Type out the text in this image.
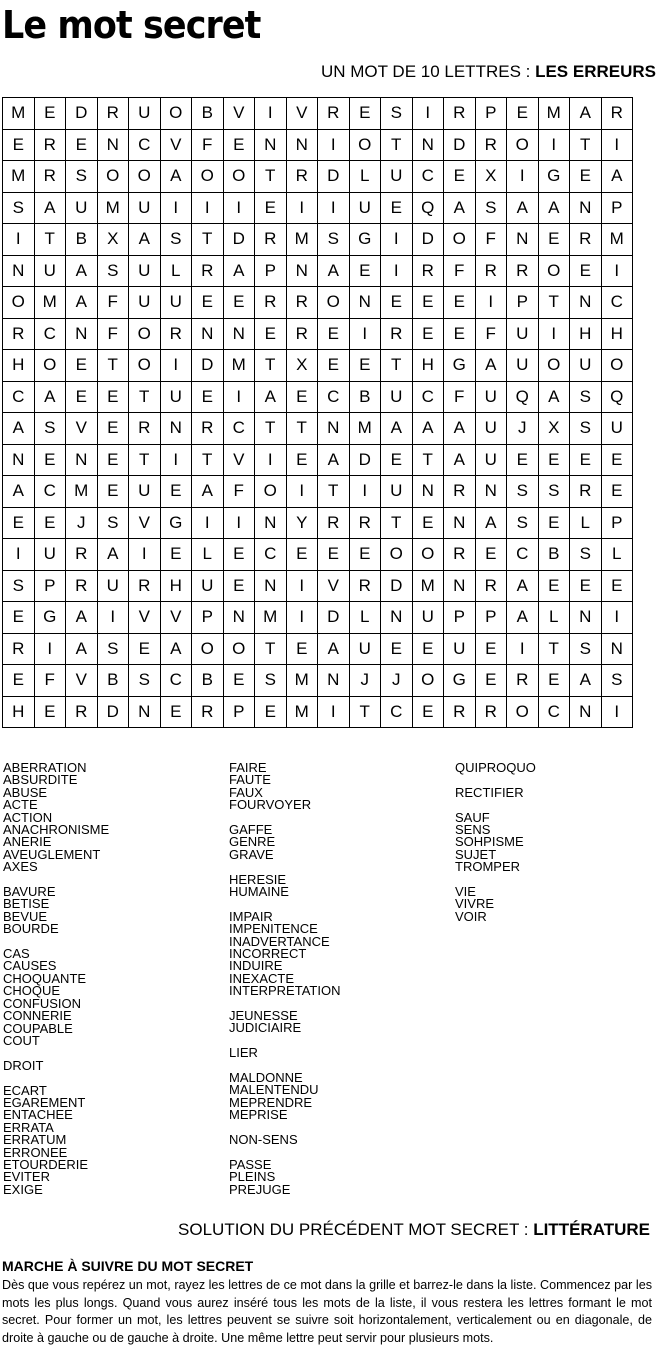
Le mot secret
UN MOT DE 10 LETTRES : LES ERREURS
M	E	D	R	U	O	B	V	I	V	R	E	S	I	R	P	E	M	A	R
E	R	E	N	C	V	F	E	N	N	I	O	T	N	D	R	O	I	T	I
M	R	S	O	O	A	O	O	T	R	D	L	U	C	E	X	I	G	E	A
S	A	U	M	U	I	I	I	E	I	I	U	E	Q	A	S	A	A	N	P
I	T	B	X	A	S	T	D	R	M	S	G	I	D	O	F	N	E	R	M
N	U	A	S	U	L	R	A	P	N	A	E	I	R	F	R	R	O	E	I
O	M	A	F	U	U	E	E	R	R	O	N	E	E	E	I	P	T	N	C
R	C	N	F	O	R	N	N	E	R	E	I	R	E	E	F	U	I	H	H
H	O	E	T	O	I	D	M	T	X	E	E	T	H	G	A	U	O	U	O
C	A	E	E	T	U	E	I	A	E	C	B	U	C	F	U	Q	A	S	Q
A	S	V	E	R	N	R	C	T	T	N	M	A	A	A	U	J	X	S	U
N	E	N	E	T	I	T	V	I	E	A	D	E	T	A	U	E	E	E	E
A	C	M	E	U	E	A	F	O	I	T	I	U	N	R	N	S	S	R	E
E	E	J	S	V	G	I	I	N	Y	R	R	T	E	N	A	S	E	L	P
I	U	R	A	I	E	L	E	C	E	E	E	O	O	R	E	C	B	S	L
S	P	R	U	R	H	U	E	N	I	V	R	D	M	N	R	A	E	E	E
E	G	A	I	V	V	P	N	M	I	D	L	N	U	P	P	A	L	N	I
R	I	A	S	E	A	O	O	T	E	A	U	E	E	U	E	I	T	S	N
E	F	V	B	S	C	B	E	S	M	N	J	J	O	G	E	R	E	A	S
H	E	R	D	N	E	R	P	E	M	I	T	C	E	R	R	O	C	N	I
ABERRATION
ABSURDITE
ABUSE
ACTE
ACTION
ANACHRONISME
ANERIE
AVEUGLEMENT
AXES
BAVURE
BETISE
BEVUE
BOURDE
CAS
CAUSES
CHOQUANTE
CHOQUE
CONFUSION
CONNERIE
COUPABLE
COUT
DROIT
ECART
EGAREMENT
ENTACHEE
ERRATA
ERRATUM
ERRONEE
ETOURDERIE
EVITER
EXIGE
FAIRE
FAUTE
FAUX
FOURVOYER
GAFFE
GENRE
GRAVE
HERESIE
HUMAINE
IMPAIR
IMPENITENCE
INADVERTANCE
INCORRECT
INDUIRE
INEXACTE
INTERPRETATION
JEUNESSE
JUDICIAIRE
LIER
MALDONNE
MALENTENDU
MEPRENDRE
MEPRISE
NON-SENS
PASSE
PLEINS
PREJUGE
QUIPROQUO
RECTIFIER
SAUF
SENS
SOHPISME
SUJET
TROMPER
VIE
VIVRE
VOIR
SOLUTION DU PRÉCÉDENT MOT SECRET : LITTÉRATURE
MARCHE À SUIVRE DU MOT SECRET
Dès que vous repérez un mot, rayez les lettres de ce mot dans la grille et barrez-le dans la liste. Commencez par les mots les plus longs. Quand vous aurez inséré tous les mots de la liste, il vous restera les lettres formant le mot secret. Pour former un mot, les lettres peuvent se suivre soit horizontalement, verticalement ou en diagonale, de droite à gauche ou de gauche à droite. Une même lettre peut servir pour plusieurs mots.
